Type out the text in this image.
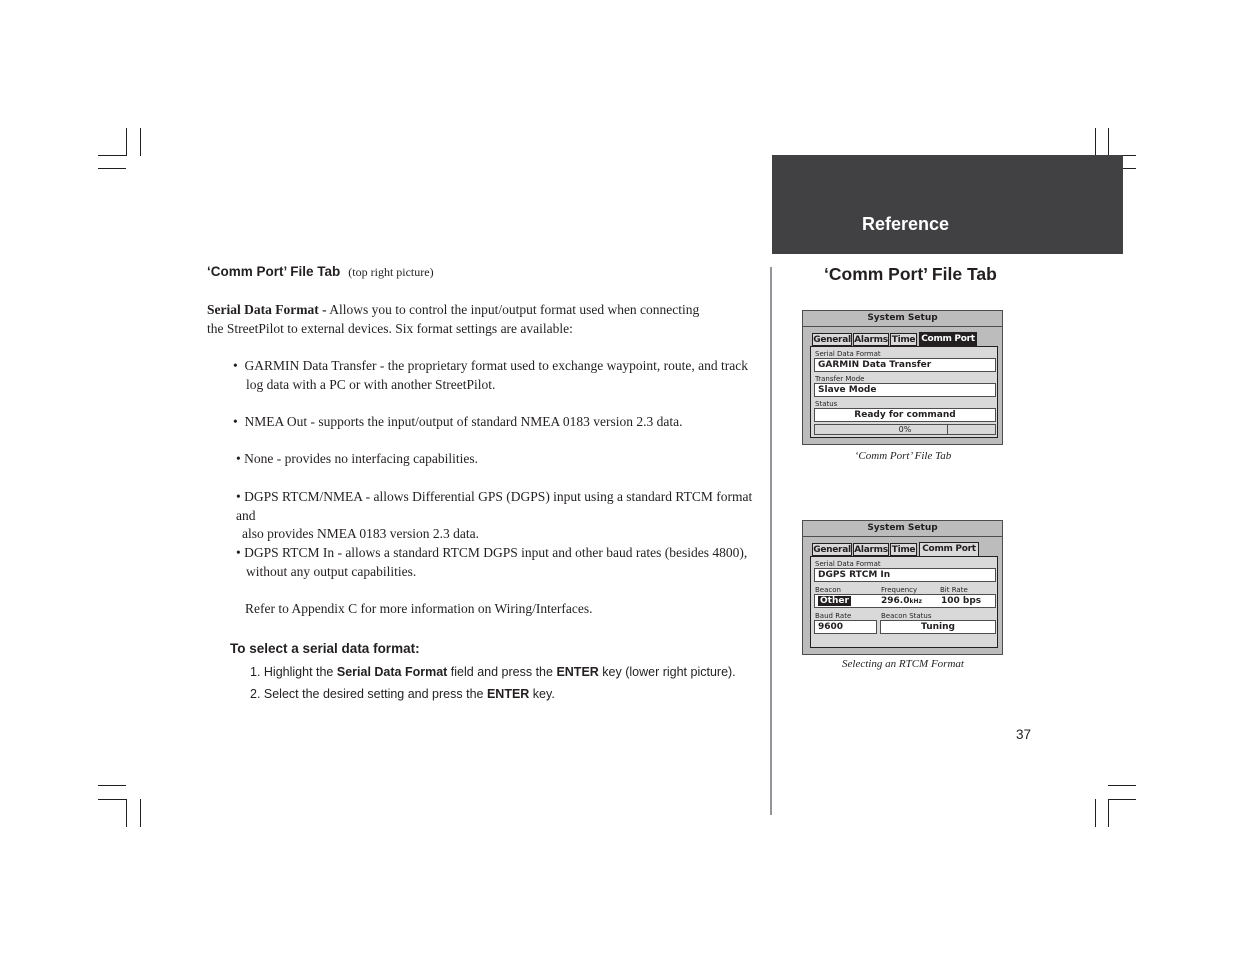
Reference
‘Comm Port’ File Tab (top right picture)
Serial Data Format - Allows you to control the input/output format used when connecting
the StreetPilot to external devices. Six format settings are available:
•  GARMIN Data Transfer - the proprietary format used to exchange waypoint, route, and track
log data with a PC or with another StreetPilot.
•  NMEA Out - supports the input/output of standard NMEA 0183 version 2.3 data.
• None - provides no interfacing capabilities.
• DGPS RTCM/NMEA - allows Differential GPS (DGPS) input using a standard RTCM format and
also provides NMEA 0183 version 2.3 data.
• DGPS RTCM In - allows a standard RTCM DGPS input and other baud rates (besides 4800),
without any output capabilities.
Refer to Appendix C for more information on Wiring/Interfaces.
To select a serial data format:
1. Highlight the Serial Data Format field and press the ENTER key (lower right picture).
2. Select the desired setting and press the ENTER key.
‘Comm Port’ File Tab
System Setup
General Alarms Time Comm Port
Serial Data Format
GARMIN Data Transfer
Transfer Mode
Slave Mode
Status
Ready for command
0%
‘Comm Port’ File Tab
System Setup
General Alarms Time Comm Port
Serial Data Format
DGPS RTCM In
Beacon	Frequency	Bit Rate
Other	296.0kHz 100 bps
Baud Rate	Beacon Status
9600	Tuning
Selecting an RTCM Format
37
